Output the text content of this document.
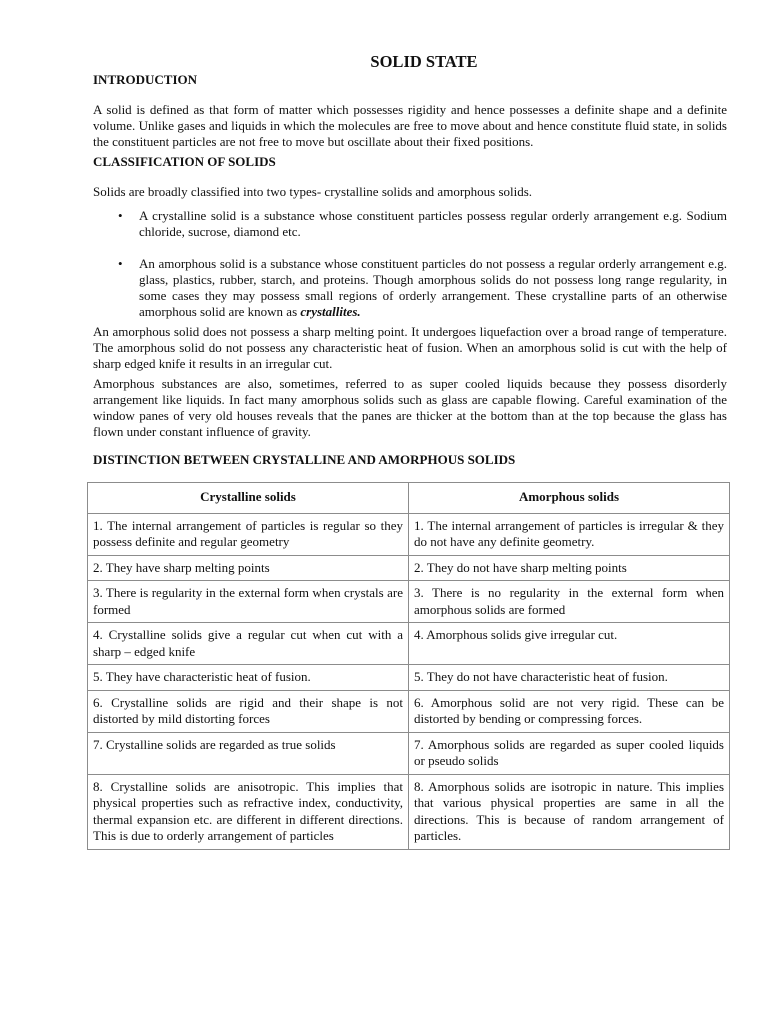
SOLID STATE
INTRODUCTION

A solid is defined as that form of matter which possesses rigidity and hence possesses a definite shape and a definite volume. Unlike gases and liquids in which the molecules are free to move about and hence constitute fluid state, in solids the constituent particles are not free to move but oscillate about their fixed positions.

CLASSIFICATION OF SOLIDS

Solids are broadly classified into two types- crystalline solids and amorphous solids.

• A crystalline solid is a substance whose constituent particles possess regular orderly arrangement e.g. Sodium chloride, sucrose, diamond etc.
• An amorphous solid is a substance whose constituent particles do not possess a regular orderly arrangement e.g. glass, plastics, rubber, starch, and proteins. Though amorphous solids do not possess long range regularity, in some cases they may possess small regions of orderly arrangement. These crystalline parts of an otherwise amorphous solid are known as crystallites.

An amorphous solid does not possess a sharp melting point. It undergoes liquefaction over a broad range of temperature. The amorphous solid do not possess any characteristic heat of fusion. When an amorphous solid is cut with the help of sharp edged knife it results in an irregular cut.

Amorphous substances are also, sometimes, referred to as super cooled liquids because they possess disorderly arrangement like liquids. In fact many amorphous solids such as glass are capable flowing. Careful examination of the window panes of very old houses reveals that the panes are thicker at the bottom than at the top because the glass has flown under constant influence of gravity.

DISTINCTION BETWEEN CRYSTALLINE AND AMORPHOUS SOLIDS
Crystalline solids	Amorphous solids
1. The internal arrangement of particles is regular so they possess definite and regular geometry	1. The internal arrangement of particles is irregular & they do not have any definite geometry.
2. They have sharp melting points	2. They do not have sharp melting points
3. There is regularity in the external form when crystals are formed	3. There is no regularity in the external form when amorphous solids are formed
4. Crystalline solids give a regular cut when cut with a sharp – edged knife	4. Amorphous solids give irregular cut.
5. They have characteristic heat of fusion.	5. They do not have characteristic heat of fusion.
6. Crystalline solids are rigid and their shape is not distorted by mild distorting forces	6. Amorphous solid are not very rigid. These can be distorted by bending or compressing forces.
7. Crystalline solids are regarded as true solids	7. Amorphous solids are regarded as super cooled liquids or pseudo solids
8. Crystalline solids are anisotropic. This implies that physical properties such as refractive index, conductivity, thermal expansion etc. are different in different directions. This is due to orderly arrangement of particles	8. Amorphous solids are isotropic in nature. This implies that various physical properties are same in all the directions. This is because of random arrangement of particles.
